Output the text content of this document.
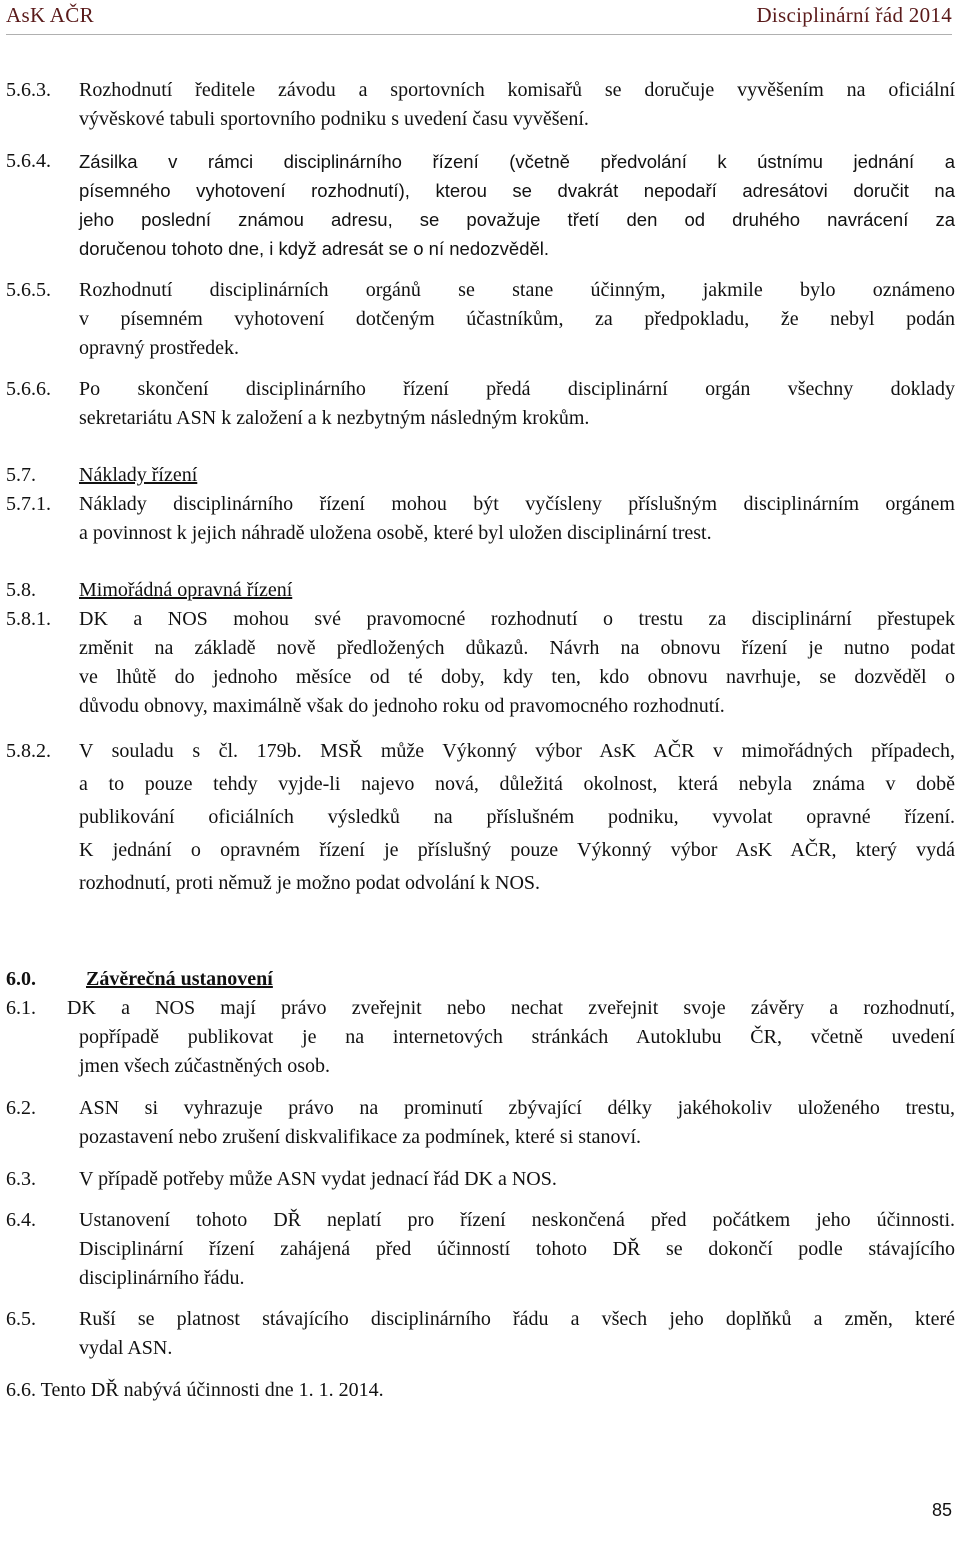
AsK AČR	Disciplinární řád 2014
5.6.3. Rozhodnutí ředitele závodu a sportovních komisařů se doručuje vyvěšením na oficiální
vývěskové tabuli sportovního podniku s uvedení času vyvěšení.
5.6.4. Zásilka v rámci disciplinárního řízení (včetně předvolání k ústnímu jednání a
písemného vyhotovení rozhodnutí), kterou se dvakrát nepodaří adresátovi doručit na
jeho poslední známou adresu, se považuje třetí den od druhého navrácení za
doručenou tohoto dne, i když adresát se o ní nedozvěděl.
5.6.5. Rozhodnutí disciplinárních orgánů se stane účinným, jakmile bylo oznámeno
v písemném vyhotovení dotčeným účastníkům, za předpokladu, že nebyl podán
opravný prostředek.
5.6.6. Po skončení disciplinárního řízení předá disciplinární orgán všechny doklady
sekretariátu ASN k založení a k nezbytným následným krokům.
5.7. Náklady řízení
5.7.1. Náklady disciplinárního řízení mohou být vyčísleny příslušným disciplinárním orgánem
a povinnost k jejich náhradě uložena osobě, které byl uložen disciplinární trest.
5.8. Mimořádná opravná řízení
5.8.1. DK a NOS mohou své pravomocné rozhodnutí o trestu za disciplinární přestupek
změnit na základě nově předložených důkazů. Návrh na obnovu řízení je nutno podat
ve lhůtě do jednoho měsíce od té doby, kdy ten, kdo obnovu navrhuje, se dozvěděl o
důvodu obnovy, maximálně však do jednoho roku od pravomocného rozhodnutí.
5.8.2. V souladu s čl. 179b. MSŘ může Výkonný výbor AsK AČR v mimořádných případech,
a to pouze tehdy vyjde-li najevo nová, důležitá okolnost, která nebyla známa v době
publikování oficiálních výsledků na příslušném podniku, vyvolat opravné řízení.
K jednání o opravném řízení je příslušný pouze Výkonný výbor AsK AČR, který vydá
rozhodnutí, proti němuž je možno podat odvolání k NOS.
6.0.	Závěrečná ustanovení
6.1. DK a NOS mají právo zveřejnit nebo nechat zveřejnit svoje závěry a rozhodnutí,
popřípadě publikovat je na internetových stránkách Autoklubu ČR, včetně uvedení
jmen všech zúčastněných osob.
6.2. ASN si vyhrazuje právo na prominutí zbývající délky jakéhokoliv uloženého trestu,
pozastavení nebo zrušení diskvalifikace za podmínek, které si stanoví.
6.3. V případě potřeby může ASN vydat jednací řád DK a NOS.
6.4. Ustanovení tohoto DŘ neplatí pro řízení neskončená před počátkem jeho účinnosti.
Disciplinární řízení zahájená před účinností tohoto DŘ se dokončí podle stávajícího
disciplinárního řádu.
6.5. Ruší se platnost stávajícího disciplinárního řádu a všech jeho doplňků a změn, které
vydal ASN.
6.6. Tento DŘ nabývá účinnosti dne 1. 1. 2014.
85
